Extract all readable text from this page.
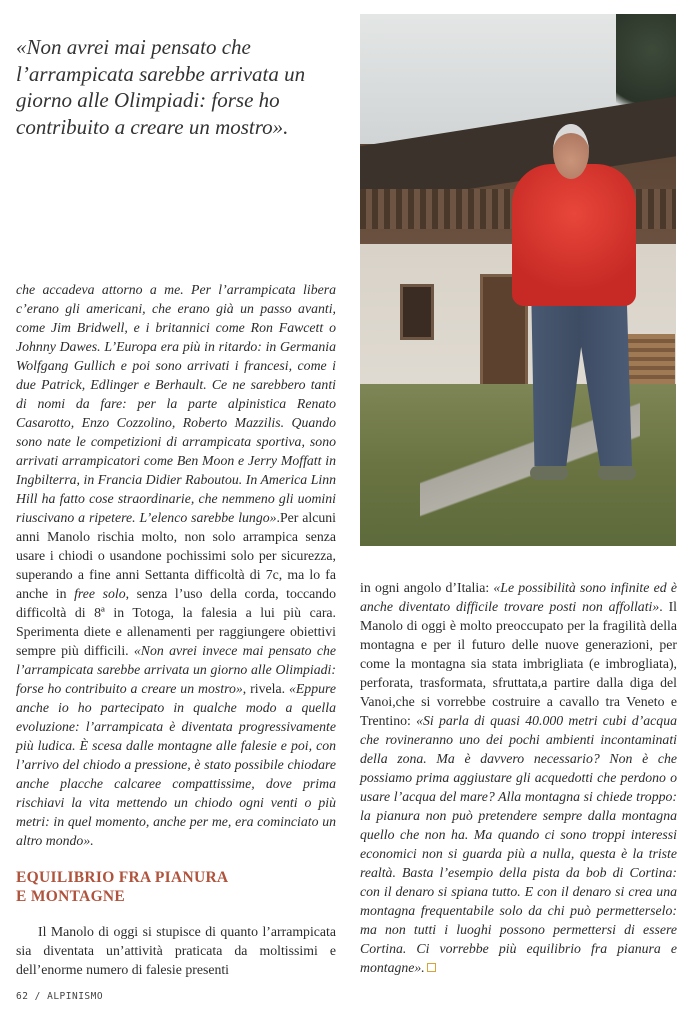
«Non avrei mai pensato che l’arrampicata sarebbe arrivata un giorno alle Olimpiadi: forse ho contribuito a creare un mostro».

che accadeva attorno a me. Per l’arrampicata libera c’erano gli americani, che erano già un passo avanti, come Jim Bridwell, e i britannici come Ron Fawcett o Johnny Dawes. L’Europa era più in ritardo: in Germania Wolfgang Gullich e poi sono arrivati i francesi, come i due Patrick, Edlinger e Berhault. Ce ne sarebbero tanti di nomi da fare: per la parte alpinistica Renato Casarotto, Enzo Cozzolino, Roberto Mazzilis. Quando sono nate le competizioni di arrampicata sportiva, sono arrivati arrampicatori come Ben Moon e Jerry Moffatt in Ingbilterra, in Francia Didier Raboutou. In America Linn Hill ha fatto cose straordinarie, che nemmeno gli uomini riuscivano a ripetere. L’elenco sarebbe lungo».Per alcuni anni Manolo rischia molto, non solo arrampica senza usare i chiodi o usandone pochissimi solo per sicurezza, superando a fine anni Settanta difficoltà di 7c, ma lo fa anche in free solo, senza l’uso della corda, toccando difficoltà di 8ª in Totoga, la falesia a lui più cara. Sperimenta diete e allenamenti per raggiungere obiettivi sempre più difficili. «Non avrei invece mai pensato che l’arrampicata sarebbe arrivata un giorno alle Olimpiadi: forse ho contribuito a creare un mostro», rivela. «Eppure anche io ho partecipato in qualche modo a quella evoluzione: l’arrampicata è diventata progressivamente più ludica. È scesa dalle montagne alle falesie e poi, con l’arrivo del chiodo a pressione, è stato possibile chiodare anche placche calcaree compattissime, dove prima rischiavi la vita mettendo un chiodo ogni venti o più metri: in quel momento, anche per me, era cominciato un altro mondo».

EQUILIBRIO FRA PIANURA
E MONTAGNE

Il Manolo di oggi si stupisce di quanto l’arrampicata sia diventata un’attività praticata da moltissimi e dell’enorme numero di falesie presenti

62 / ALPINISMO

in ogni angolo d’Italia: «Le possibilità sono infinite ed è anche diventato difficile trovare posti non affollati». Il Manolo di oggi è molto preoccupato per la fragilità della montagna e per il futuro delle nuove generazioni, per come la montagna sia stata imbrigliata (e imbrogliata), perforata, trasformata, sfruttata,a partire dalla diga del Vanoi,che si vorrebbe costruire a cavallo tra Veneto e Trentino: «Si parla di quasi 40.000 metri cubi d’acqua che rovineranno uno dei pochi ambienti incontaminati della zona. Ma è davvero necessario? Non è che possiamo prima aggiustare gli acquedotti che perdono o usare l’acqua del mare? Alla montagna si chiede troppo: la pianura non può pretendere sempre dalla montagna quello che non ha. Ma quando ci sono troppi interessi economici non si guarda più a nulla, questa è la triste realtà. Basta l’esempio della pista da bob di Cortina: con il denaro si spiana tutto. E con il denaro si crea una montagna frequentabile solo da chi può permetterselo: ma non tutti i luoghi possono permettersi di essere Cortina. Ci vorrebbe più equilibrio fra pianura e montagne».
